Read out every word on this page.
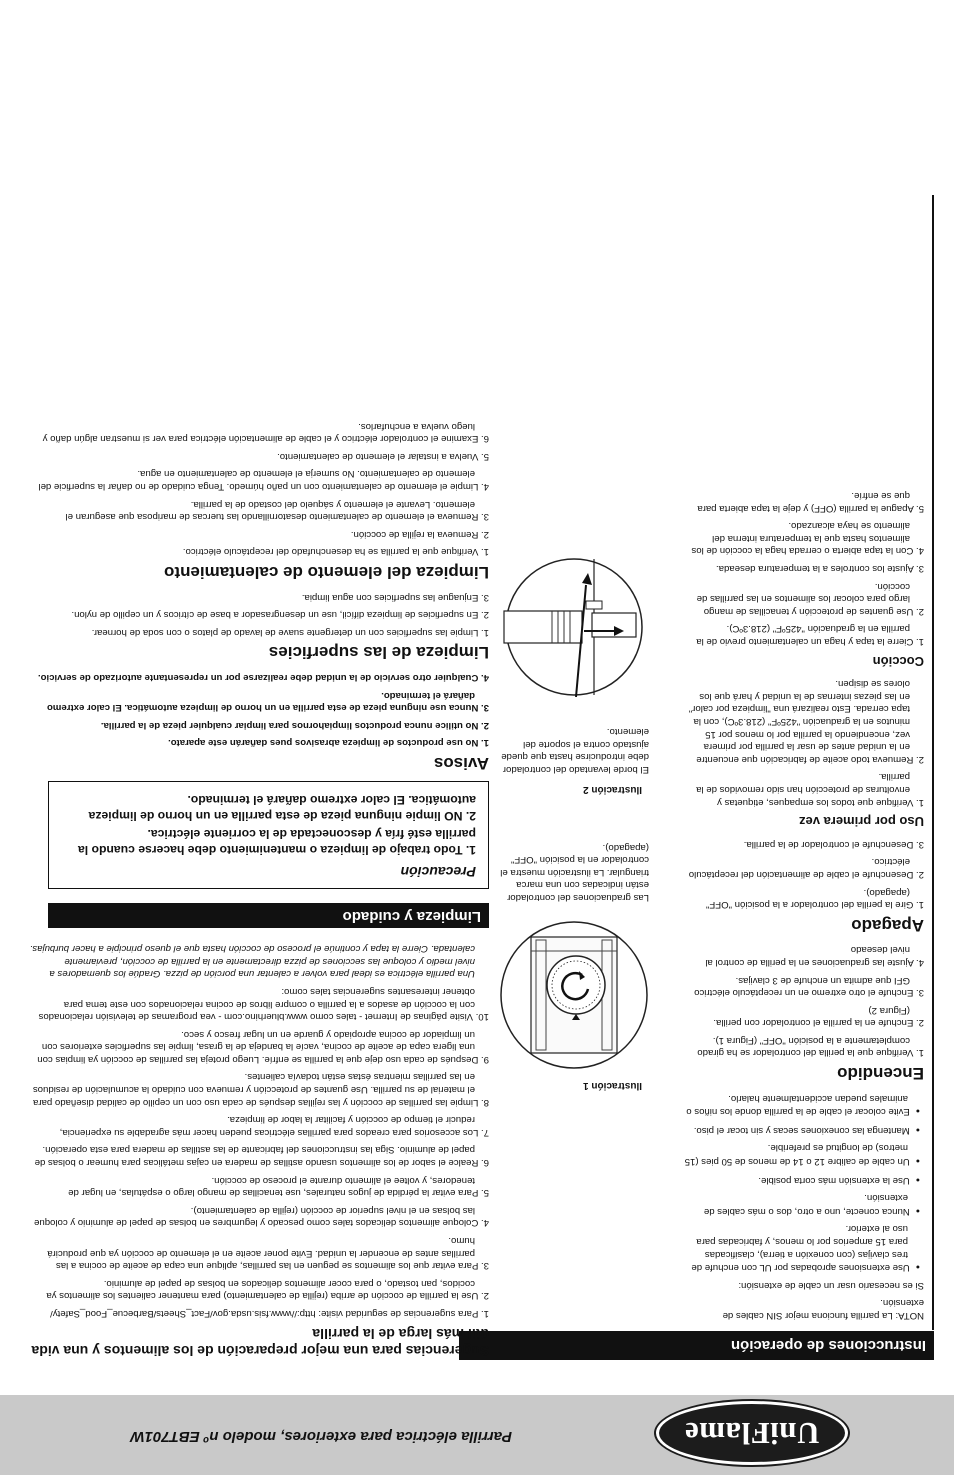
UniFlame
Parrilla eléctrica para exteriores, modelo nº EBT701W
Instrucciones de operación

NOTA: La parrilla funciona mejor SIN cables de extensión.

Si es necesario usar un cable de extensión:

● Use extensiones aprobadas por UL con enchufe de tres clavijas (con conexión a tierra), clasificadas para 15 amperios por lo menos, y fabricadas para uso al exterior.
● Nunca conecte, uno a otro, dos o más cables de extensión.
● Use la extensión más corta posible.
● Un cable de calibre 12 o 14 de menos de 50 pies (15 metros) de longitud es preferible.
● Mantenga las conexiones secas y sin tocar el piso.
● Evite colocar el cable de la parrilla donde los niños o animales puedan accidentalmente halarlo.
Encendido
1. Verifique que la perilla del controlador se ha girado completamente a la posición "OFF" (Figura 1).
2. Enchufe en la parrilla el controlador con perilla. (Figura 2)
3. Enchufe el otro extremo en un receptáculo eléctrico GFI que admita un enchufe de 3 clavijas.
4. Ajuste las graduaciones en la perilla de control al nivel deseado
Apagado
1. Gire la perilla del controlador a la posición "OFF" (apagado).
2. Desenchufe el cable de alimentación del receptáculo eléctrico.
3. Desenchufe el controlador de la parrilla.
Uso por primera vez
1. Verifique que todos los empaques, etiquetas y envolturas de protección han sido removidos de la parrilla.
2. Remueva todo aceite de fabricación que encuentre en la unidad antes de usar la parrilla por primera vez, encendiendo la parrilla por lo menos por 15 minutos en la graduación "425ºF" (218.3ºC), con la tapa cerrada. Esto realizará una "limpieza por calor" en las piezas internas de la unidad y hará que los olores se disipen.
Cocción
1. Cierre la tapa y haga un calentamiento previo de la parrilla en la graduación "425ºF" (218.3ºC).
2. Use guantes de protección y tenacillas de mango largo para colocar los alimentos en las parrillas de cocción.
3. Ajuste los controles a la temperatura deseada.
4. Con la tapa abierta o cerrada haga la cocción de los alimentos hasta que la temperatura interna del alimento se haya alcanzado.
5. Apague la parrilla (OFF) y deje la tapa abierta para que se enfríe.
Ilustración 1
Las graduaciones del controlador están indicadas con una marca triangular. La ilustración muestra el controlador en la posición "OFF" (apagado).
Ilustración 2
El borde levantado del controlador debe introducirse hasta que quede ajustado contra el soporte del elemento.
Sugerencias para una mejor preparación de los alimentos y una vida útil más larga de la parrilla
1. Para sugerencias de seguridad visite: http://www.fsis.usda.gov/Fact_Sheets/Barbecue_Food_Safety/
2. Use la parrilla de cocción de arriba (rejilla de calentamiento) para mantener calientes los alimentos ya cocidos, pan tostado, o para cocer alimentos delicados en bolsas de papel de aluminio.
3. Para evitar que los alimentos se peguen en las parrillas, aplique una capa de aceite de cocina a las parrillas antes de encender la unidad. Evite poner aceite en el elemento de cocción ya que producirá humo.
4. Coloque alimentos delicados tales como pescado y legumbres en bolsas de papel de aluminio y coloque las bolsas en el nivel superior de cocción (rejilla de calentamiento).
5. Para evitar la pérdida de jugos naturales, use tenacillas de mango largo o espátulas, en lugar de tenedores, y voltee el alimento durante el proceso de cocción.
6. Realce el sabor de los alimentos usando astillas de madera en cajas metálicas para humear o bolsas de papel de aluminio. Siga las instrucciones del fabricante de las astillas de madera para esta operación.
7. Los accesorios para creados para parrillas eléctricas pueden hacer más agradable su experiencia, reducir el tiempo de cocción y facilitar la labor de limpieza.
8. Limpie las parrillas de cocción y las rejillas después de cada uso con un cepillo de calidad diseñado para el material de su parrilla. Use guantes de protección y remueva con cuidado la acumulación de residuos en las parrillas mientras éstas están todavía calientes.
9. Después de cada uso deje que la parrilla se enfríe. Luego proteja las parrillas de cocción ya limpias con una ligera capa de aceite de cocina, vacíe la bandeja de la grasa, limpie las superficies exteriores con un limpiador de cocina apropiado y guarde en un lugar fresco y seco.
10. Visite páginas de Internet - tales como www.bluerhino.com - vea programas de televisión relacionados con la cocción de asados a la parrilla o compre libros de cocina relacionados con este tema para obtener interesantes sugerencias tales como:

Una parrilla eléctrica es ideal para volver a calentar una porción de pizza. Gradúe los quemadores a nivel medio y coloque las secciones de pizza directamente en la parrilla de cocción, previamente calentada. Cierre la tapa y continúe el proceso de cocción hasta que el queso principie a hacer burbujas.

Limpieza y cuidado
Precaución

1. Todo trabajo de limpieza o mantenimiento debe hacerse cuando la parrilla esté fría y desconectada de la corriente eléctrica.

2. NO limpie ninguna pieza de esta parrilla en un horno de limpieza automática. El calor extremo dañará el terminado.

Avisos
1. No use productos de limpieza abrasivos pues dañarán este aparato.
2. No utilice nunca productos limpiahornos para limpiar cualquier pieza de la parrilla.
3. Nunca use ninguna pieza de esta parrilla en un horno de limpieza automática. El calor extremo dañará el terminado.
4. Cualquier otro servicio de la unidad debe realizarse por un representante autorizado de servicio.
Limpieza de las superficies
1. Limpie las superficies con un detergente suave de lavado de platos o con soda de hornear.
2. En superficies de limpieza difícil, use un desengrasador a base de cítricos y un cepillo de nylon.
3. Enjuague las superficies con agua limpia.
Limpieza del elemento de calentamiento
1. Verifique que la parrilla se ha desenchufado del receptáculo eléctrico.
2. Remueva la rejilla de cocción.
3. Remueva el elemento de calentamiento desatornillando las tuercas de mariposa que aseguran el elemento. Levante el elemento y sáquelo del costado de la parrilla.
4. Limpie el elemento de calentamiento con un paño húmedo. Tenga cuidado de no dañar la superficie del elemento de calentamiento. No sumerja el elemento de calentamiento en agua.
5. Vuelva a instalar el elemento de calentamiento.
6. Examine el controlador eléctrico y el cable de alimentación eléctrica para ver si muestran algún daño y luego vuelva a enchufarlos.
